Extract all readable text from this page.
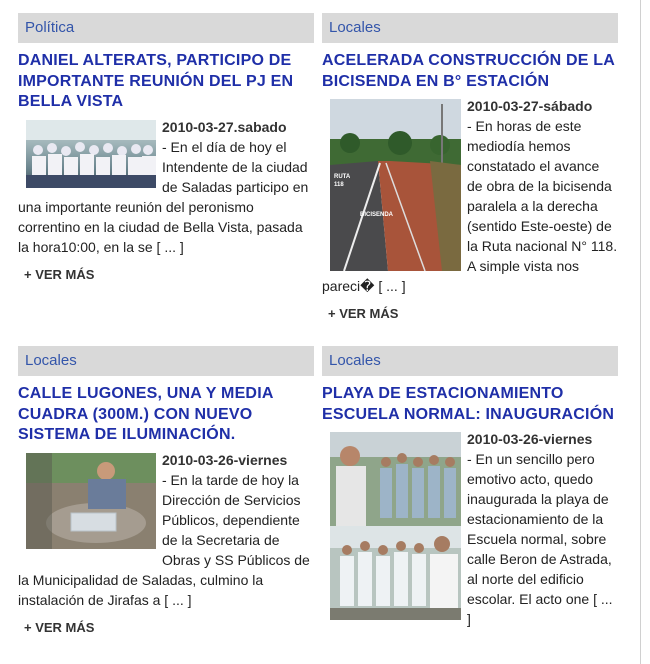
Política
DANIEL ALTERATS, PARTICIPO DE IMPORTANTE REUNIÓN DEL PJ EN BELLA VISTA
2010-03-27.sabado
- En el día de hoy el Intendente de la ciudad de Saladas participo en una importante reunión del peronismo correntino en la ciudad de Bella Vista, pasada la hora10:00, en la se [ ... ]
+ VER MÁS
Locales
ACELERADA CONSTRUCCIÓN DE LA BICISENDA EN B° ESTACIÓN
RUTA 118
BICISENDA
2010-03-27-sábado
- En horas de este mediodía hemos constatado el avance de obra de la bicisenda paralela a la derecha (sentido Este-oeste) de la Ruta nacional N° 118. A simple vista nos pareci� [ ... ]
+ VER MÁS
Locales
CALLE LUGONES, UNA Y MEDIA CUADRA (300M.) CON NUEVO SISTEMA DE ILUMINACIÓN.
2010-03-26-viernes
- En la tarde de hoy la Dirección de Servicios Públicos, dependiente de la Secretaria de Obras y SS Públicos de la Municipalidad de Saladas, culmino la instalación de Jirafas a [ ... ]
+ VER MÁS
Locales
PLAYA DE ESTACIONAMIENTO ESCUELA NORMAL: INAUGURACIÓN
2010-03-26-viernes
- En un sencillo pero emotivo acto, quedo inaugurada la playa de estacionamiento de la Escuela normal, sobre calle Beron de Astrada, al norte del edificio escolar. El acto one [ ... ]
